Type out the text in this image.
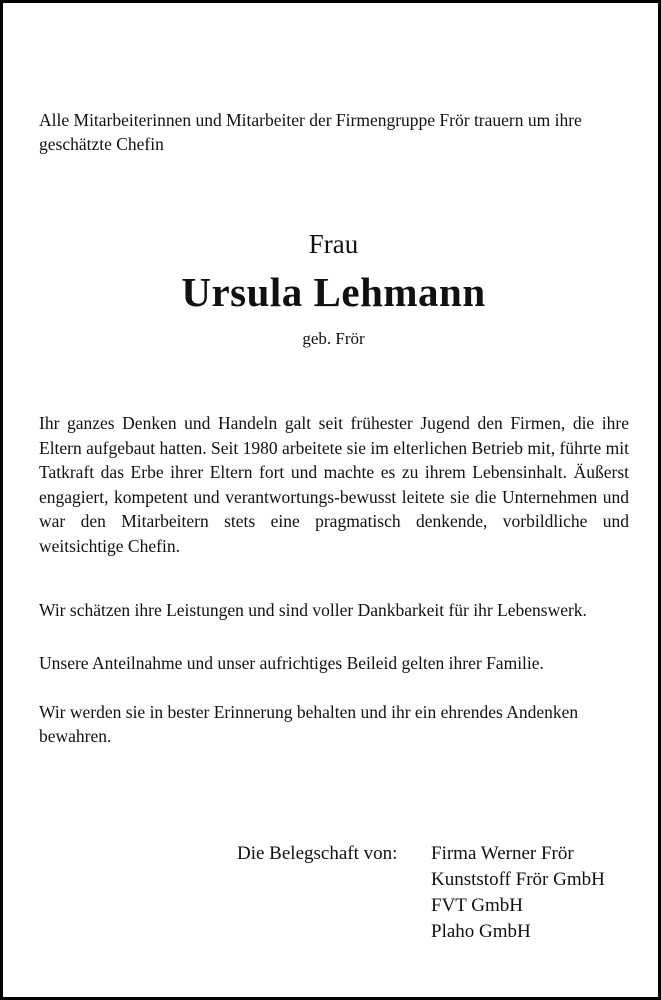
Alle Mitarbeiterinnen und Mitarbeiter der Firmengruppe Frör trauern um ihre geschätzte Chefin

Frau

Ursula Lehmann

geb. Frör

Ihr ganzes Denken und Handeln galt seit frühester Jugend den Firmen, die ihre Eltern aufgebaut hatten. Seit 1980 arbeitete sie im elterlichen Betrieb mit, führte mit Tatkraft das Erbe ihrer Eltern fort und machte es zu ihrem Lebensinhalt. Äußerst engagiert, kompetent und verantwortungs-bewusst leitete sie die Unternehmen und war den Mitarbeitern stets eine pragmatisch denkende, vorbildliche und weitsichtige Chefin.

Wir schätzen ihre Leistungen und sind voller Dankbarkeit für ihr Lebenswerk.

Unsere Anteilnahme und unser aufrichtiges Beileid gelten ihrer Familie.

Wir werden sie in bester Erinnerung behalten und ihr ein ehrendes Andenken bewahren.

Die Belegschaft von: Firma Werner Frör
Kunststoff Frör GmbH
FVT GmbH
Plaho GmbH
